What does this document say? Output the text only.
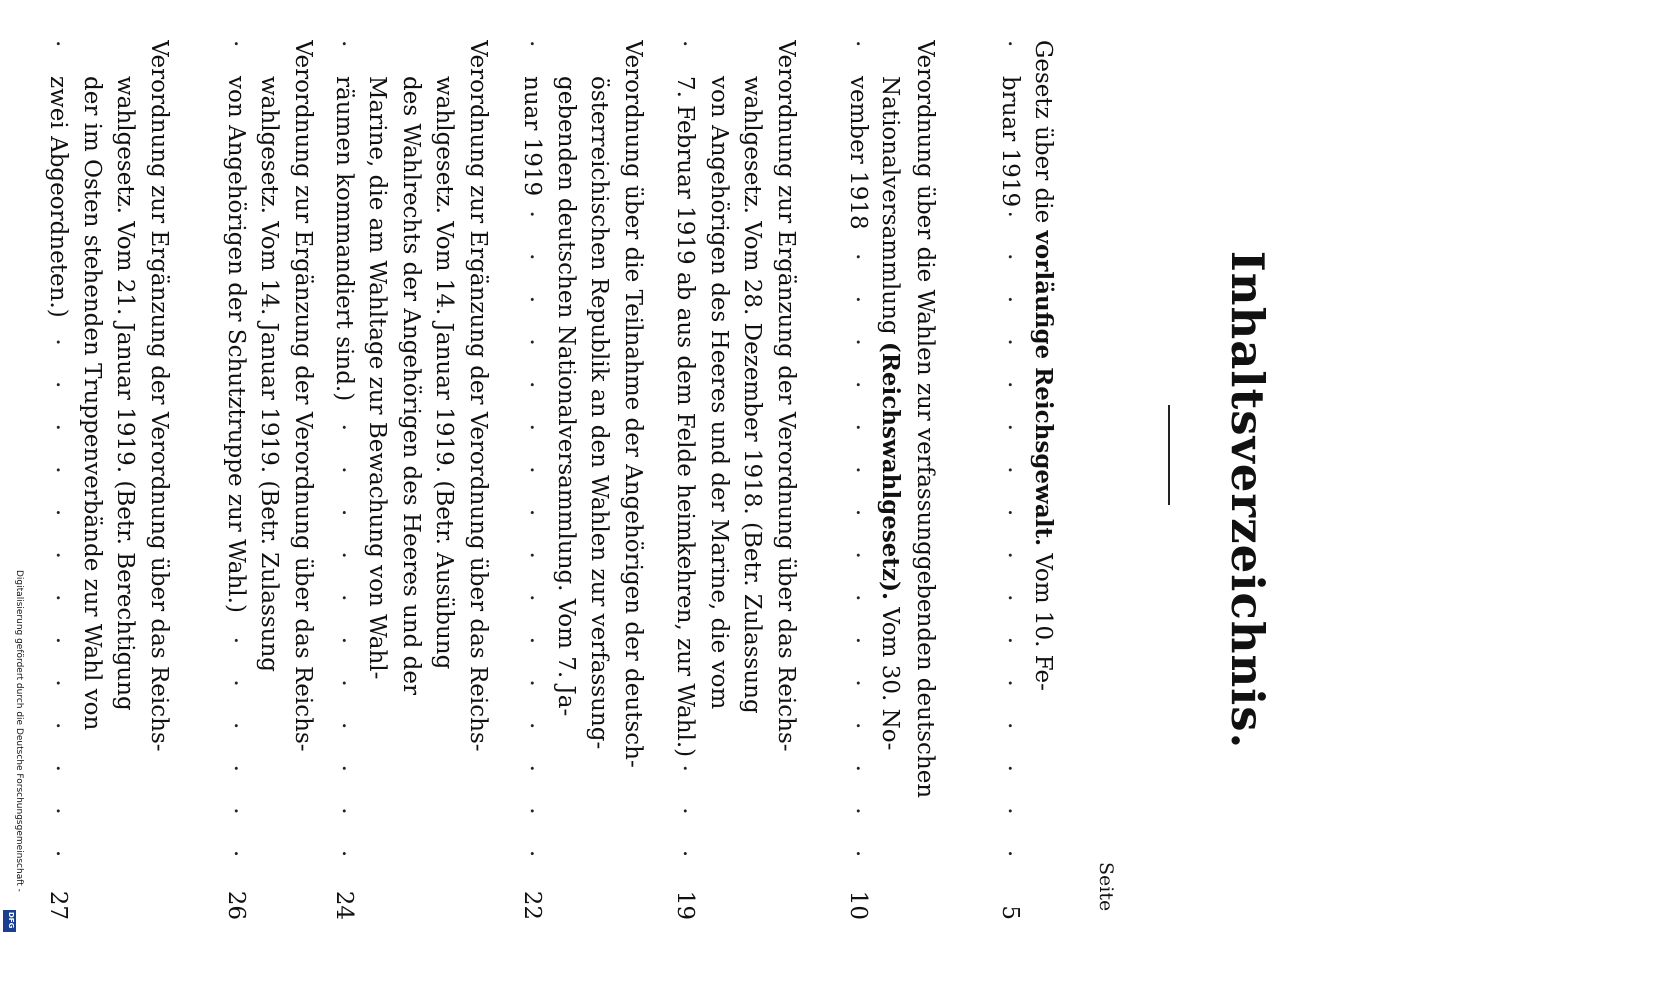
Inhaltsverzeichnis.
Seite
Gesetz über die vorläufige Reichsgewalt. Vom 10. Fe-
bruar 1919
5
. . .
Verordnung über die Wahlen zur verfassunggebenden deutschen
Nationalversammlung (Reichswahlgesetz). Vom 30. No-
vember 1918
10
. . .
Verordnung zur Ergänzung der Verordnung über das Reichs-
wahlgesetz. Vom 28. Dezember 1918. (Betr. Zulassung
von Angehörigen des Heeres und der Marine, die vom
7. Februar 1919 ab aus dem Felde heimkehren, zur Wahl.)
19
. . .
Verordnung über die Teilnahme der Angehörigen der deutsch-
österreichischen Republik an den Wahlen zur verfassung-
gebenden deutschen Nationalversammlung. Vom 7. Ja-
nuar 1919
22
. . .
Verordnung zur Ergänzung der Verordnung über das Reichs-
wahlgesetz. Vom 14. Januar 1919. (Betr. Ausübung
des Wahlrechts der Angehörigen des Heeres und der
Marine, die am Wahltage zur Bewachung von Wahl-
räumen kommandiert sind.)
24
. . .
Verordnung zur Ergänzung der Verordnung über das Reichs-
wahlgesetz. Vom 14. Januar 1919. (Betr. Zulassung
von Angehörigen der Schutztruppe zur Wahl.)
26
. . .
Verordnung zur Ergänzung der Verordnung über das Reichs-
wahlgesetz. Vom 21. Januar 1919. (Betr. Berechtigung
der im Osten stehenden Truppenverbände zur Wahl von
zwei Abgeordneten.)
27
. . .
Digitalisierung gefördert durch die Deutsche Forschungsgemeinschaft -
DFG
